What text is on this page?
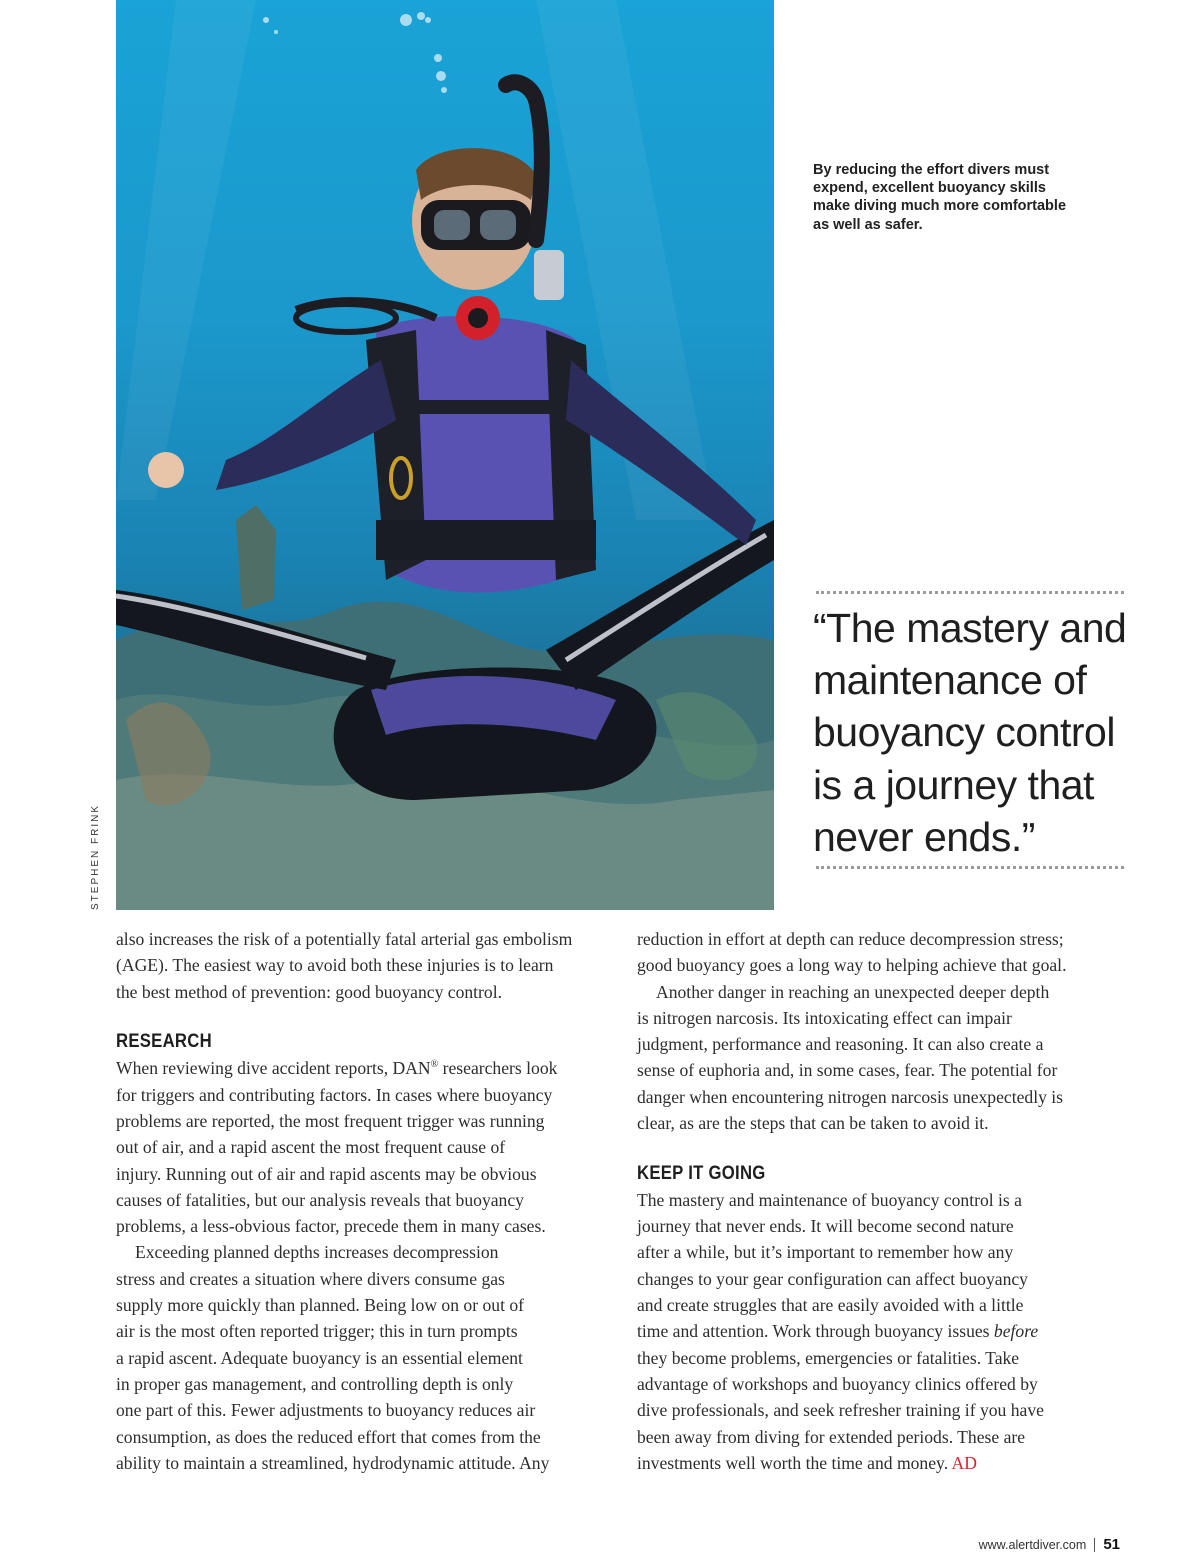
STEPHEN FRINK
By reducing the effort divers must expend, excellent buoyancy skills make diving much more comfortable as well as safer.
“The mastery and
maintenance of
buoyancy control
is a journey that
never ends.”

also increases the risk of a potentially fatal arterial gas embolism

(AGE). The easiest way to avoid both these injuries is to learn

the best method of prevention: good buoyancy control.

RESEARCH

When reviewing dive accident reports, DAN® researchers look

for triggers and contributing factors. In cases where buoyancy

problems are reported, the most frequent trigger was running

out of air, and a rapid ascent the most frequent cause of

injury. Running out of air and rapid ascents may be obvious

causes of fatalities, but our analysis reveals that buoyancy

problems, a less-obvious factor, precede them in many cases.

Exceeding planned depths increases decompression

stress and creates a situation where divers consume gas

supply more quickly than planned. Being low on or out of

air is the most often reported trigger; this in turn prompts

a rapid ascent. Adequate buoyancy is an essential element

in proper gas management, and controlling depth is only

one part of this. Fewer adjustments to buoyancy reduces air

consumption, as does the reduced effort that comes from the

ability to maintain a streamlined, hydrodynamic attitude. Any

reduction in effort at depth can reduce decompression stress;

good buoyancy goes a long way to helping achieve that goal.

Another danger in reaching an unexpected deeper depth

is nitrogen narcosis. Its intoxicating effect can impair

judgment, performance and reasoning. It can also create a

sense of euphoria and, in some cases, fear. The potential for

danger when encountering nitrogen narcosis unexpectedly is

clear, as are the steps that can be taken to avoid it.

KEEP IT GOING

The mastery and maintenance of buoyancy control is a

journey that never ends. It will become second nature

after a while, but it’s important to remember how any

changes to your gear configuration can affect buoyancy

and create struggles that are easily avoided with a little

time and attention. Work through buoyancy issues before

they become problems, emergencies or fatalities. Take

advantage of workshops and buoyancy clinics offered by

dive professionals, and seek refresher training if you have

been away from diving for extended periods. These are

investments well worth the time and money. AD

www.alertdiver.com 51
